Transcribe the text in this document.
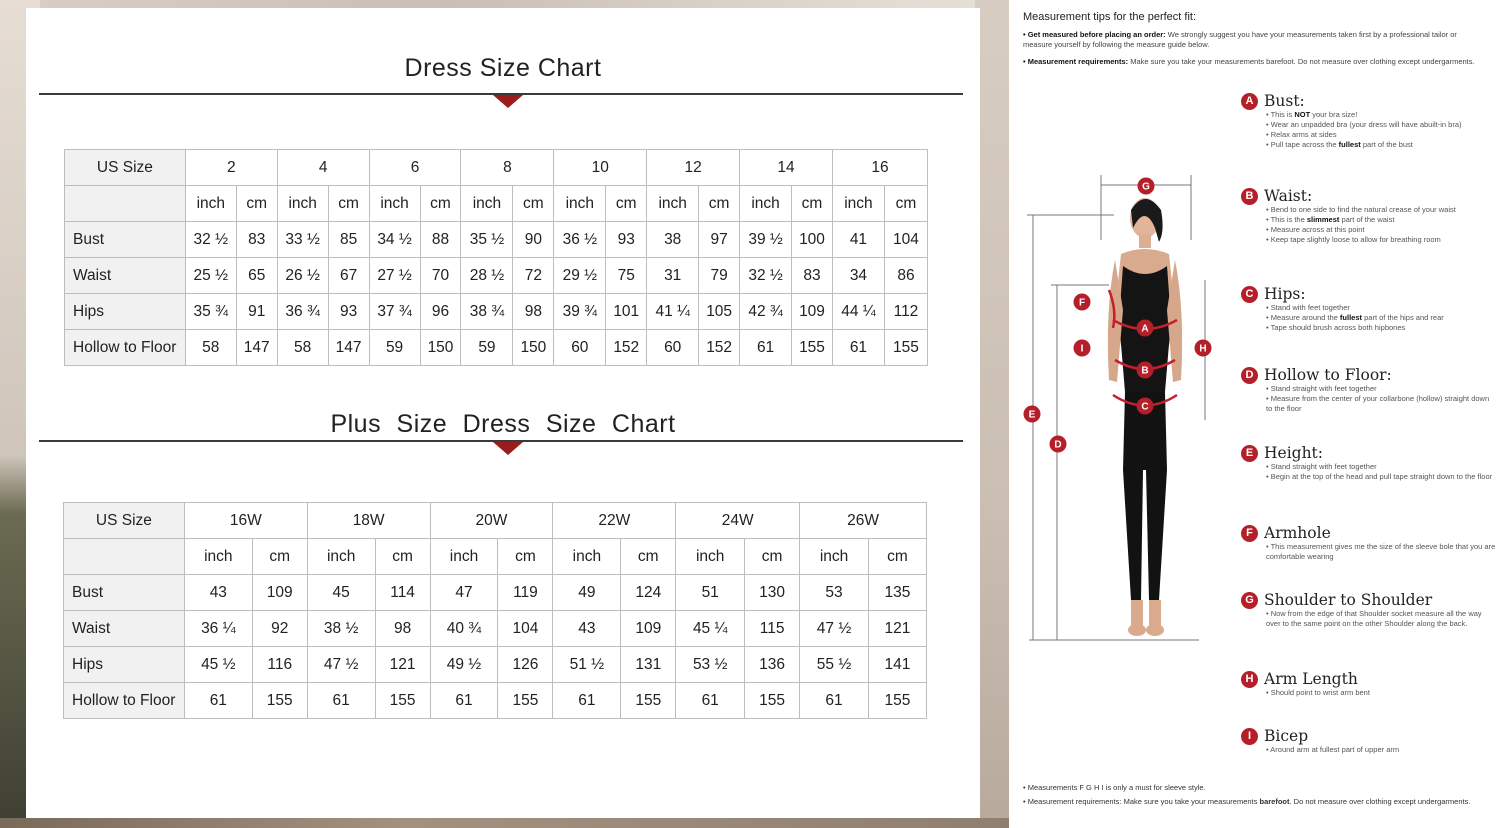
Dress Size Chart
US Size	2		4		6		8		10		12		14		16	
	inch	cm	inch	cm	inch	cm	inch	cm	inch	cm	inch	cm	inch	cm	inch	cm
Bust	32 ½	83	33 ½	85	34 ½	88	35 ½	90	36 ½	93	38	97	39 ½	100	41	104
Waist	25 ½	65	26 ½	67	27 ½	70	28 ½	72	29 ½	75	31	79	32 ½	83	34	86
Hips	35 ¾	91	36 ¾	93	37 ¾	96	38 ¾	98	39 ¾	101	41 ¼	105	42 ¾	109	44 ¼	112
Hollow to Floor	58	147	58	147	59	150	59	150	60	152	60	152	61	155	61	155
Plus Size Dress Size Chart
US Size	16W		18W		20W		22W		24W		26W	
	inch	cm	inch	cm	inch	cm	inch	cm	inch	cm	inch	cm
Bust	43	109	45	114	47	119	49	124	51	130	53	135
Waist	36 ¼	92	38 ½	98	40 ¾	104	43	109	45 ¼	115	47 ½	121
Hips	45 ½	116	47 ½	121	49 ½	126	51 ½	131	53 ½	136	55 ½	141
Hollow to Floor	61	155	61	155	61	155	61	155	61	155	61	155
Measurement tips for the perfect fit:
• Get measured before placing an order: We strongly suggest you have your measurements taken first by a professional tailor or measure yourself by following the measure guide below.
• Measurement requirements: Make sure you take your measurements barefoot. Do not measure over clothing except undergarments.
G
F
I	H
E
D
A
B
C
A Bust:
• This is NOT your bra size!
• Wear an unpadded bra (your dress will have abuilt-in bra)
• Relax arms at sides
• Pull tape across the fullest part of the bust
B Waist:
• Bend to one side to find the natural crease of your waist
• This is the slimmest part of the waist
• Measure across at this point
• Keep tape slightly loose to allow for breathing room
C Hips:
• Stand with feet together
• Measure around the fullest part of the hips and rear
• Tape should brush across both hipbones
D Hollow to Floor:
• Stand straight with feet together
• Measure from the center of your collarbone (hollow) straight down to the floor
E Height:
• Stand straight with feet together
• Begin at the top of the head and pull tape straight down to the floor
F Armhole
• This measurement gives me the size of the sleeve bole that you are comfortable wearing
G Shoulder to Shoulder
• Now from the edge of that Shoulder socket measure all the way over to the same point on the other Shoulder along the back.
H Arm Length
• Should point to wrist arm bent
I Bicep
• Around arm at fullest part of upper arm
• Measurements F G H I is only a must for sleeve style.
• Measurement requirements: Make sure you take your measurements barefoot. Do not measure over clothing except undergarments.
